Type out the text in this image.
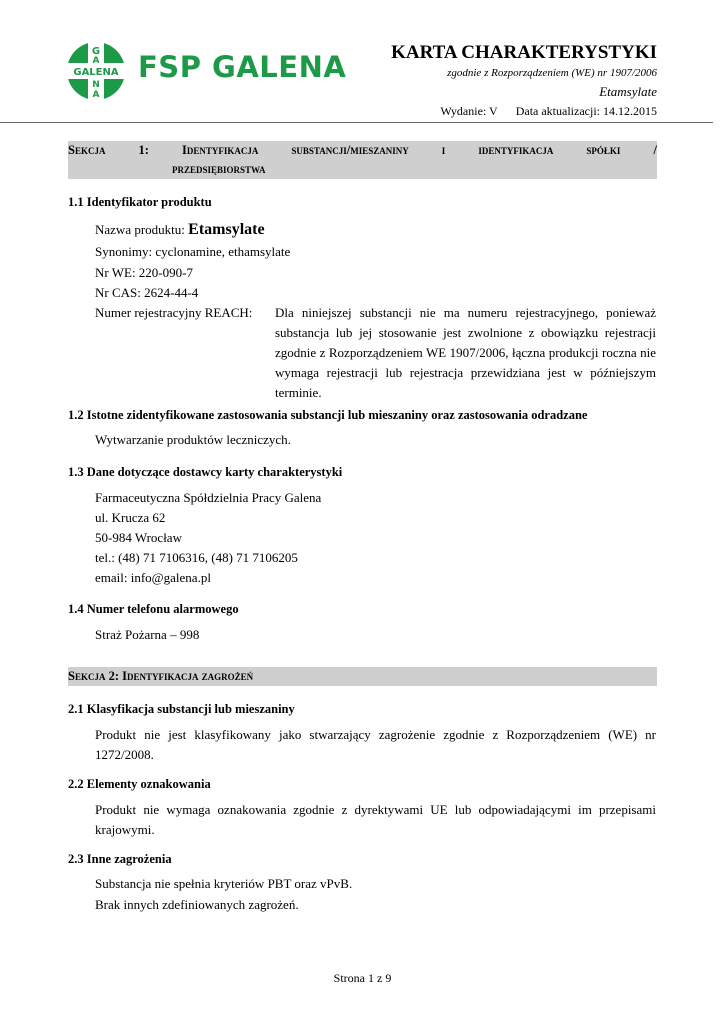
G
A
GALENA
N
A
FSP GALENA KARTA CHARAKTERYSTYKI
zgodnie z Rozporządzeniem (WE) nr 1907/2006
Etamsylate
Wydanie: V Data aktualizacji: 14.12.2015
Sekcja	1:	Identyfikacja	substancji/mieszaniny	i	identyfikacja	spółki	/
przedsiębiorstwa
1.1 Identyfikator produktu
Nazwa produktu: Etamsylate
Synonimy: cyclonamine, ethamsylate
Nr WE: 220-090-7
Nr CAS: 2624-44-4
Numer rejestracyjny REACH: Dla niniejszej substancji nie ma numeru rejestracyjnego, ponieważ substancja lub jej stosowanie jest zwolnione z obowiązku rejestracji zgodnie z Rozporządzeniem WE 1907/2006, łączna produkcji roczna nie wymaga rejestracji lub rejestracja przewidziana jest w późniejszym terminie.
1.2 Istotne zidentyfikowane zastosowania substancji lub mieszaniny oraz zastosowania odradzane
Wytwarzanie produktów leczniczych.
1.3 Dane dotyczące dostawcy karty charakterystyki
Farmaceutyczna Spółdzielnia Pracy Galena
ul. Krucza 62
50-984 Wrocław
tel.: (48) 71 7106316, (48) 71 7106205
email: info@galena.pl
1.4 Numer telefonu alarmowego
Straż Pożarna – 998
Sekcja 2: Identyfikacja zagrożeń
2.1 Klasyfikacja substancji lub mieszaniny
Produkt nie jest klasyfikowany jako stwarzający zagrożenie zgodnie z Rozporządzeniem (WE) nr 1272/2008.
2.2 Elementy oznakowania
Produkt nie wymaga oznakowania zgodnie z dyrektywami UE lub odpowiadającymi im przepisami krajowymi.
2.3 Inne zagrożenia
Substancja nie spełnia kryteriów PBT oraz vPvB.
Brak innych zdefiniowanych zagrożeń.
Strona 1 z 9
